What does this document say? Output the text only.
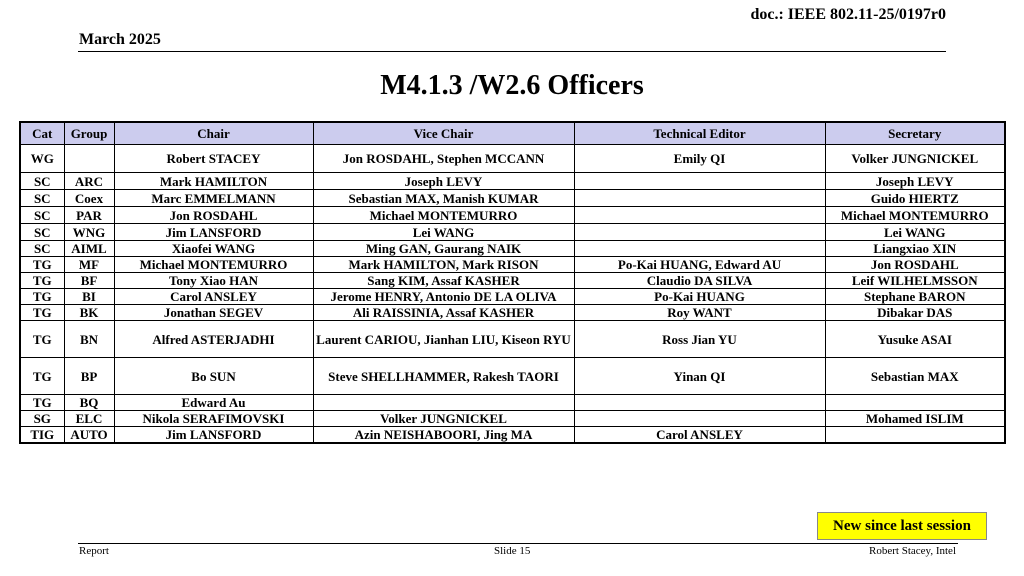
doc.: IEEE 802.11-25/0197r0
March 2025
M4.1.3 /W2.6 Officers
Cat	Group	Chair	Vice Chair	Technical Editor	Secretary
WG		Robert STACEY	Jon ROSDAHL, Stephen MCCANN	Emily QI	Volker JUNGNICKEL
SC	ARC	Mark HAMILTON	Joseph LEVY		Joseph LEVY
SC	Coex	Marc EMMELMANN	Sebastian MAX, Manish KUMAR		Guido HIERTZ
SC	PAR	Jon ROSDAHL	Michael MONTEMURRO		Michael MONTEMURRO
SC	WNG	Jim LANSFORD	Lei WANG		Lei WANG
SC	AIML	Xiaofei WANG	Ming GAN, Gaurang NAIK		Liangxiao XIN
TG	MF	Michael MONTEMURRO	Mark HAMILTON, Mark RISON	Po-Kai HUANG, Edward AU	Jon ROSDAHL
TG	BF	Tony Xiao HAN	Sang KIM, Assaf KASHER	Claudio DA SILVA	Leif WILHELMSSON
TG	BI	Carol ANSLEY	Jerome HENRY, Antonio DE LA OLIVA	Po-Kai HUANG	Stephane BARON
TG	BK	Jonathan SEGEV	Ali RAISSINIA, Assaf KASHER	Roy WANT	Dibakar DAS
TG	BN	Alfred ASTERJADHI	Laurent CARIOU, Jianhan LIU, Kiseon RYU	Ross Jian YU	Yusuke ASAI
TG	BP	Bo SUN	Steve SHELLHAMMER, Rakesh TAORI	Yinan QI	Sebastian MAX
TG	BQ	Edward Au			
SG	ELC	Nikola SERAFIMOVSKI	Volker JUNGNICKEL		Mohamed ISLIM
TIG	AUTO	Jim LANSFORD	Azin NEISHABOORI, Jing MA	Carol ANSLEY	
New since last session
Report	Slide 15	Robert Stacey, Intel
